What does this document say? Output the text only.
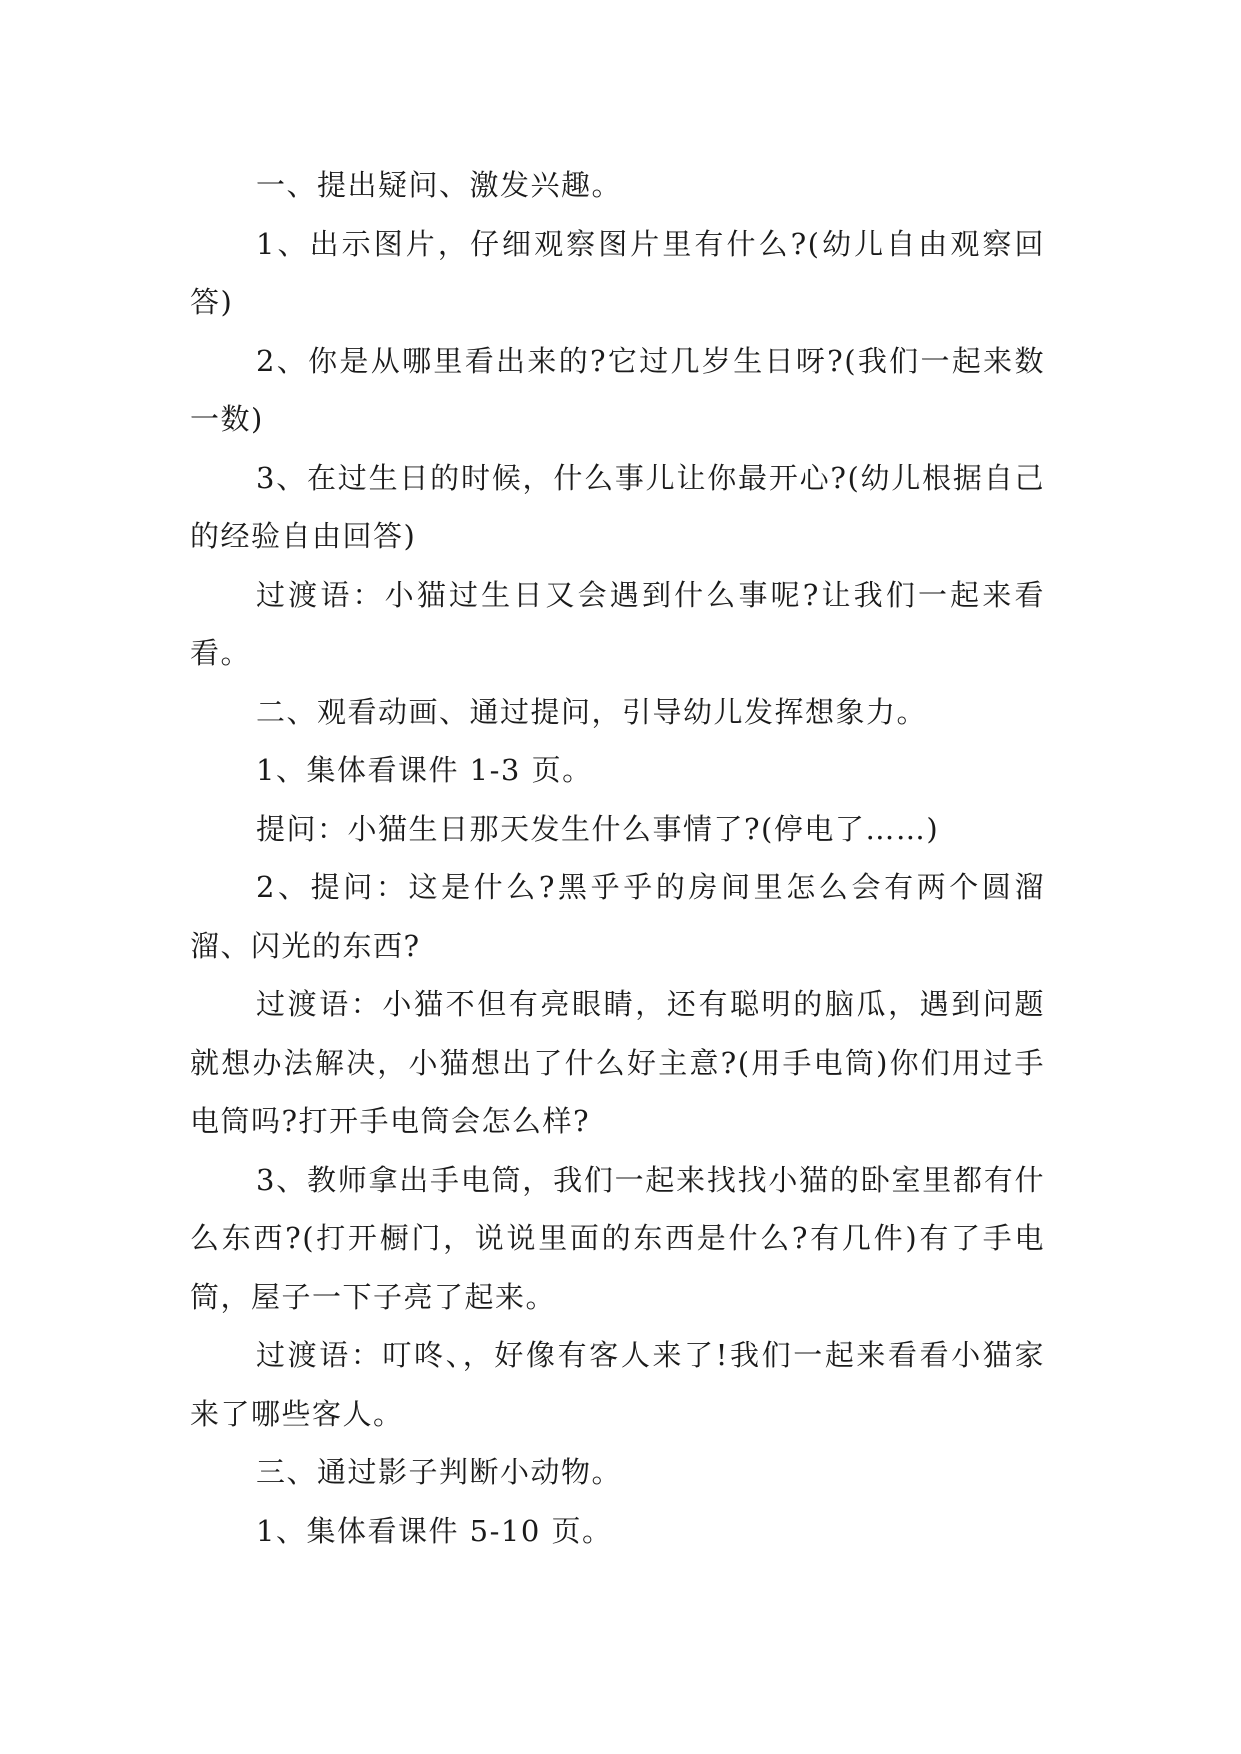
一、提出疑问、激发兴趣。

1、出示图片，仔细观察图片里有什么?(幼儿自由观察回答)

2、你是从哪里看出来的?它过几岁生日呀?(我们一起来数一数)

3、在过生日的时候，什么事儿让你最开心?(幼儿根据自己的经验自由回答)

过渡语：小猫过生日又会遇到什么事呢?让我们一起来看看。

二、观看动画、通过提问，引导幼儿发挥想象力。

1、集体看课件 1-3 页。

提问：小猫生日那天发生什么事情了?(停电了……)

2、提问：这是什么?黑乎乎的房间里怎么会有两个圆溜溜、闪光的东西?

过渡语：小猫不但有亮眼睛，还有聪明的脑瓜，遇到问题就想办法解决，小猫想出了什么好主意?(用手电筒)你们用过手电筒吗?打开手电筒会怎么样?

3、教师拿出手电筒，我们一起来找找小猫的卧室里都有什么东西?(打开橱门，说说里面的东西是什么?有几件)有了手电筒，屋子一下子亮了起来。

过渡语：叮咚、，好像有客人来了!我们一起来看看小猫家来了哪些客人。

三、通过影子判断小动物。

1、集体看课件 5-10 页。
